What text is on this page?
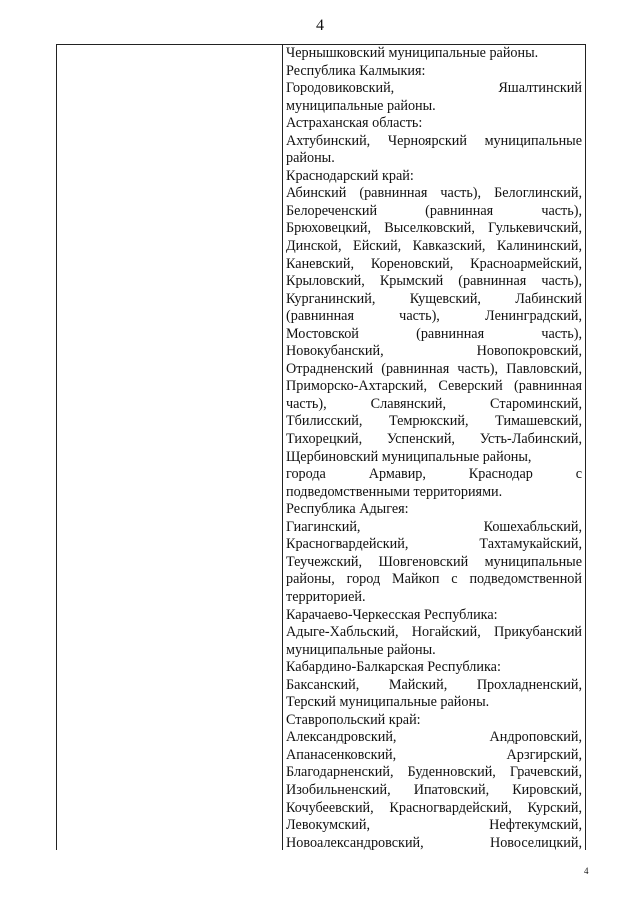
4
Чернышковский муниципальные районы.
Республика Калмыкия:
Городовиковский, Яшалтинский
муниципальные районы.
Астраханская область:
Ахтубинский, Черноярский муниципальные
районы.
Краснодарский край:
Абинский (равнинная часть), Белоглинский,
Белореченский (равнинная часть),
Брюховецкий, Выселковский, Гулькевичский,
Динской, Ейский, Кавказский, Калининский,
Каневский, Кореновский, Красноармейский,
Крыловский, Крымский (равнинная часть),
Курганинский, Кущевский, Лабинский
(равнинная часть), Ленинградский,
Мостовской (равнинная часть),
Новокубанский, Новопокровский,
Отрадненский (равнинная часть), Павловский,
Приморско-Ахтарский, Северский (равнинная
часть), Славянский, Староминский,
Тбилисский, Темрюкский, Тимашевский,
Тихорецкий, Успенский, Усть-Лабинский,
Щербиновский муниципальные районы,
города Армавир, Краснодар с
подведомственными территориями.
Республика Адыгея:
Гиагинский, Кошехабльский,
Красногвардейский, Тахтамукайский,
Теучежский, Шовгеновский муниципальные
районы, город Майкоп с подведомственной
территорией.
Карачаево-Черкесская Республика:
Адыге-Хабльский, Ногайский, Прикубанский
муниципальные районы.
Кабардино-Балкарская Республика:
Баксанский, Майский, Прохладненский,
Терский муниципальные районы.
Ставропольский край:
Александровский, Андроповский,
Апанасенковский, Арзгирский,
Благодарненский, Буденновский, Грачевский,
Изобильненский, Ипатовский, Кировский,
Кочубеевский, Красногвардейский, Курский,
Левокумский, Нефтекумский,
Новоалександровский, Новоселицкий,
4
